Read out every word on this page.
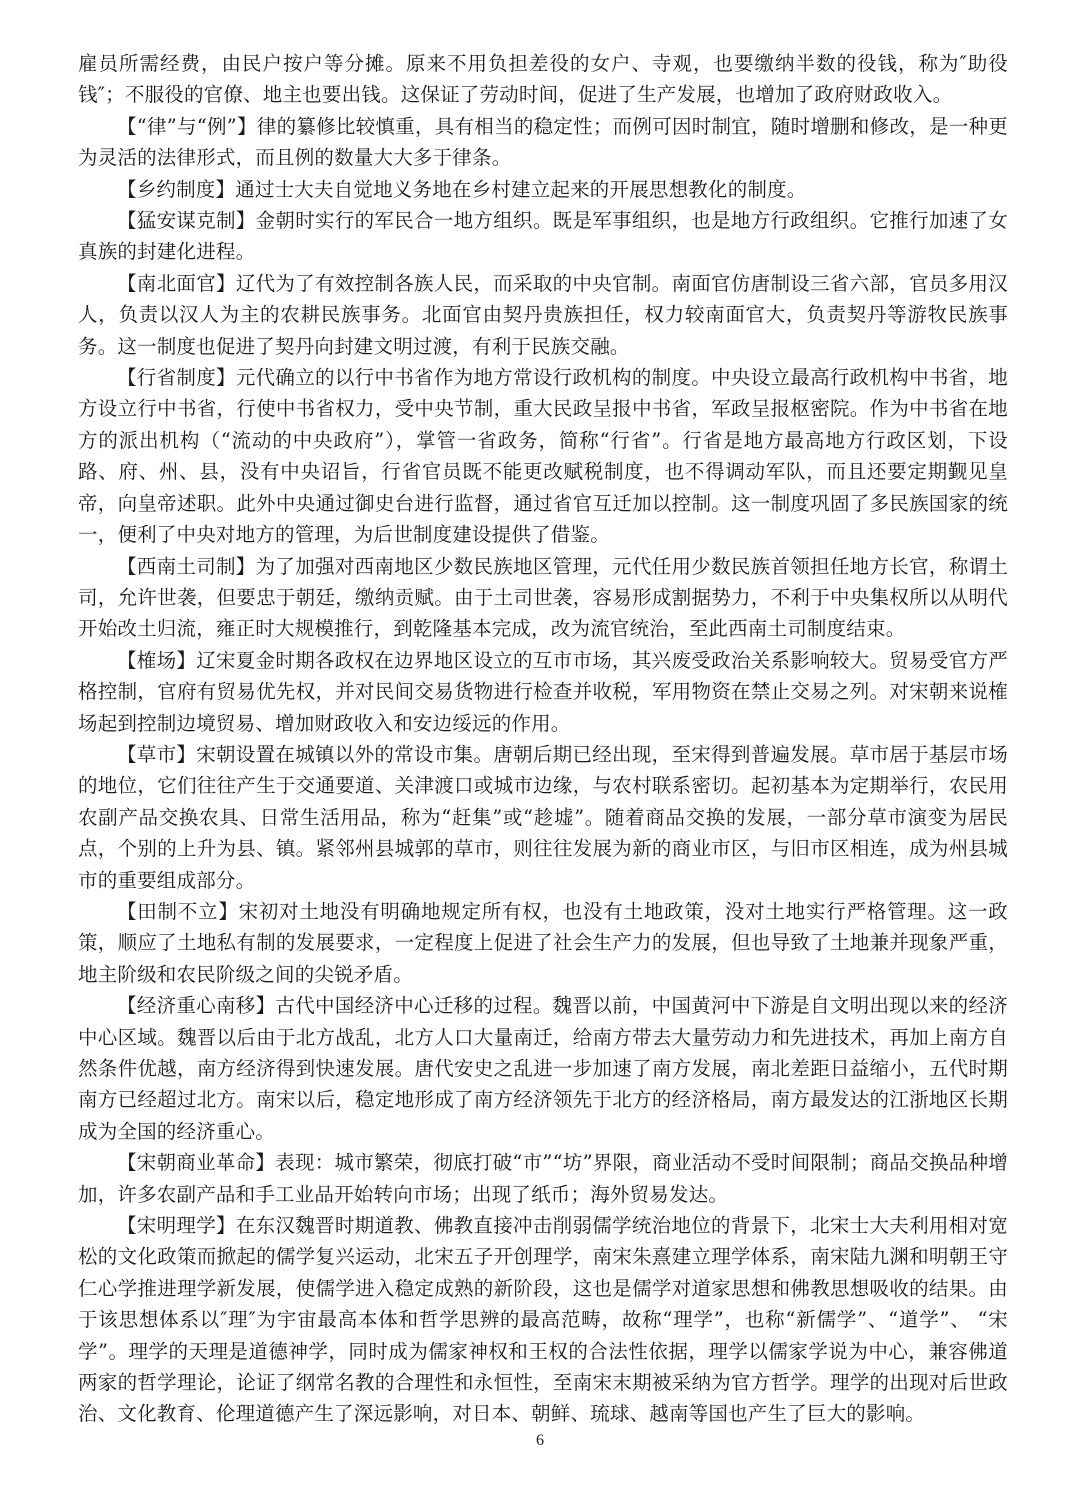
雇员所需经费，由民户按户等分摊。原来不用负担差役的女户、寺观，也要缴纳半数的役钱，称为″助役钱″；不服役的官僚、地主也要出钱。这保证了劳动时间，促进了生产发展，也增加了政府财政收入。

【“律”与“例”】律的纂修比较慎重，具有相当的稳定性；而例可因时制宜，随时增删和修改，是一种更为灵活的法律形式，而且例的数量大大多于律条。

【乡约制度】通过士大夫自觉地义务地在乡村建立起来的开展思想教化的制度。

【猛安谋克制】金朝时实行的军民合一地方组织。既是军事组织，也是地方行政组织。它推行加速了女真族的封建化进程。

【南北面官】辽代为了有效控制各族人民，而采取的中央官制。南面官仿唐制设三省六部，官员多用汉人，负责以汉人为主的农耕民族事务。北面官由契丹贵族担任，权力较南面官大，负责契丹等游牧民族事务。这一制度也促进了契丹向封建文明过渡，有利于民族交融。

【行省制度】元代确立的以行中书省作为地方常设行政机构的制度。中央设立最高行政机构中书省，地方设立行中书省，行使中书省权力，受中央节制，重大民政呈报中书省，军政呈报枢密院。作为中书省在地方的派出机构（“流动的中央政府”），掌管一省政务，简称“行省”。行省是地方最高地方行政区划，下设路、府、州、县，没有中央诏旨，行省官员既不能更改赋税制度，也不得调动军队，而且还要定期觐见皇帝，向皇帝述职。此外中央通过御史台进行监督，通过省官互迁加以控制。这一制度巩固了多民族国家的统一，便利了中央对地方的管理，为后世制度建设提供了借鉴。

【西南土司制】为了加强对西南地区少数民族地区管理，元代任用少数民族首领担任地方长官，称谓土司，允许世袭，但要忠于朝廷，缴纳贡赋。由于土司世袭，容易形成割据势力，不利于中央集权所以从明代开始改土归流，雍正时大规模推行，到乾隆基本完成，改为流官统治，至此西南土司制度结束。

【榷场】辽宋夏金时期各政权在边界地区设立的互市市场，其兴废受政治关系影响较大。贸易受官方严格控制，官府有贸易优先权，并对民间交易货物进行检查并收税，军用物资在禁止交易之列。对宋朝来说榷场起到控制边境贸易、增加财政收入和安边绥远的作用。

【草市】宋朝设置在城镇以外的常设市集。唐朝后期已经出现，至宋得到普遍发展。草市居于基层市场的地位，它们往往产生于交通要道、关津渡口或城市边缘，与农村联系密切。起初基本为定期举行，农民用农副产品交换农具、日常生活用品，称为“赶集”或“趁墟”。随着商品交换的发展，一部分草市演变为居民点，个别的上升为县、镇。紧邻州县城郭的草市，则往往发展为新的商业市区，与旧市区相连，成为州县城市的重要组成部分。

【田制不立】宋初对土地没有明确地规定所有权，也没有土地政策，没对土地实行严格管理。这一政策，顺应了土地私有制的发展要求，一定程度上促进了社会生产力的发展，但也导致了土地兼并现象严重，地主阶级和农民阶级之间的尖锐矛盾。

【经济重心南移】古代中国经济中心迁移的过程。魏晋以前，中国黄河中下游是自文明出现以来的经济中心区域。魏晋以后由于北方战乱，北方人口大量南迁，给南方带去大量劳动力和先进技术，再加上南方自然条件优越，南方经济得到快速发展。唐代安史之乱进一步加速了南方发展，南北差距日益缩小，五代时期南方已经超过北方。南宋以后，稳定地形成了南方经济领先于北方的经济格局，南方最发达的江浙地区长期成为全国的经济重心。

【宋朝商业革命】表现：城市繁荣，彻底打破“市”“坊”界限，商业活动不受时间限制；商品交换品种增加，许多农副产品和手工业品开始转向市场；出现了纸币；海外贸易发达。

【宋明理学】在东汉魏晋时期道教、佛教直接冲击削弱儒学统治地位的背景下，北宋士大夫利用相对宽松的文化政策而掀起的儒学复兴运动，北宋五子开创理学，南宋朱熹建立理学体系，南宋陆九渊和明朝王守仁心学推进理学新发展，使儒学进入稳定成熟的新阶段，这也是儒学对道家思想和佛教思想吸收的结果。由于该思想体系以″理″为宇宙最高本体和哲学思辨的最高范畴，故称“理学”，也称“新儒学”、“道学”、 “宋学”。理学的天理是道德神学，同时成为儒家神权和王权的合法性依据，理学以儒家学说为中心，兼容佛道两家的哲学理论，论证了纲常名教的合理性和永恒性，至南宋末期被采纳为官方哲学。理学的出现对后世政治、文化教育、伦理道德产生了深远影响，对日本、朝鲜、琉球、越南等国也产生了巨大的影响。

6
